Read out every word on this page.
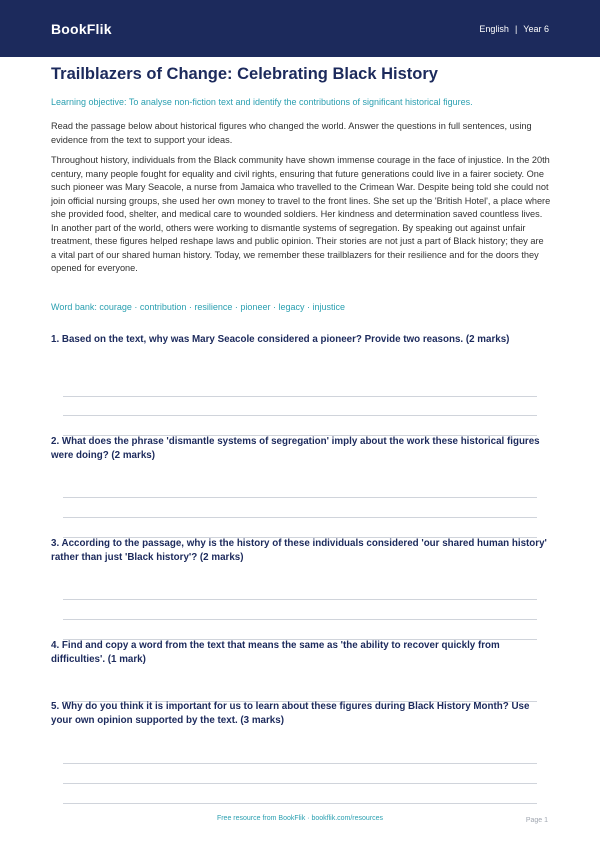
BookFlik	English | Year 6
Trailblazers of Change: Celebrating Black History
Learning objective: To analyse non-fiction text and identify the contributions of significant historical figures.
Read the passage below about historical figures who changed the world. Answer the questions in full sentences, using evidence from the text to support your ideas.
Throughout history, individuals from the Black community have shown immense courage in the face of injustice. In the 20th century, many people fought for equality and civil rights, ensuring that future generations could live in a fairer society. One such pioneer was Mary Seacole, a nurse from Jamaica who travelled to the Crimean War. Despite being told she could not join official nursing groups, she used her own money to travel to the front lines. She set up the 'British Hotel', a place where she provided food, shelter, and medical care to wounded soldiers. Her kindness and determination saved countless lives. In another part of the world, others were working to dismantle systems of segregation. By speaking out against unfair treatment, these figures helped reshape laws and public opinion. Their stories are not just a part of Black history; they are a vital part of our shared human history. Today, we remember these trailblazers for their resilience and for the doors they opened for everyone.
Word bank: courage · contribution · resilience · pioneer · legacy · injustice
1. Based on the text, why was Mary Seacole considered a pioneer? Provide two reasons. (2 marks)
2. What does the phrase 'dismantle systems of segregation' imply about the work these historical figures were doing? (2 marks)
3. According to the passage, why is the history of these individuals considered 'our shared human history' rather than just 'Black history'? (2 marks)
4. Find and copy a word from the text that means the same as 'the ability to recover quickly from difficulties'. (1 mark)
5. Why do you think it is important for us to learn about these figures during Black History Month? Use your own opinion supported by the text. (3 marks)
Free resource from BookFlik · bookflik.com/resources	Page 1
